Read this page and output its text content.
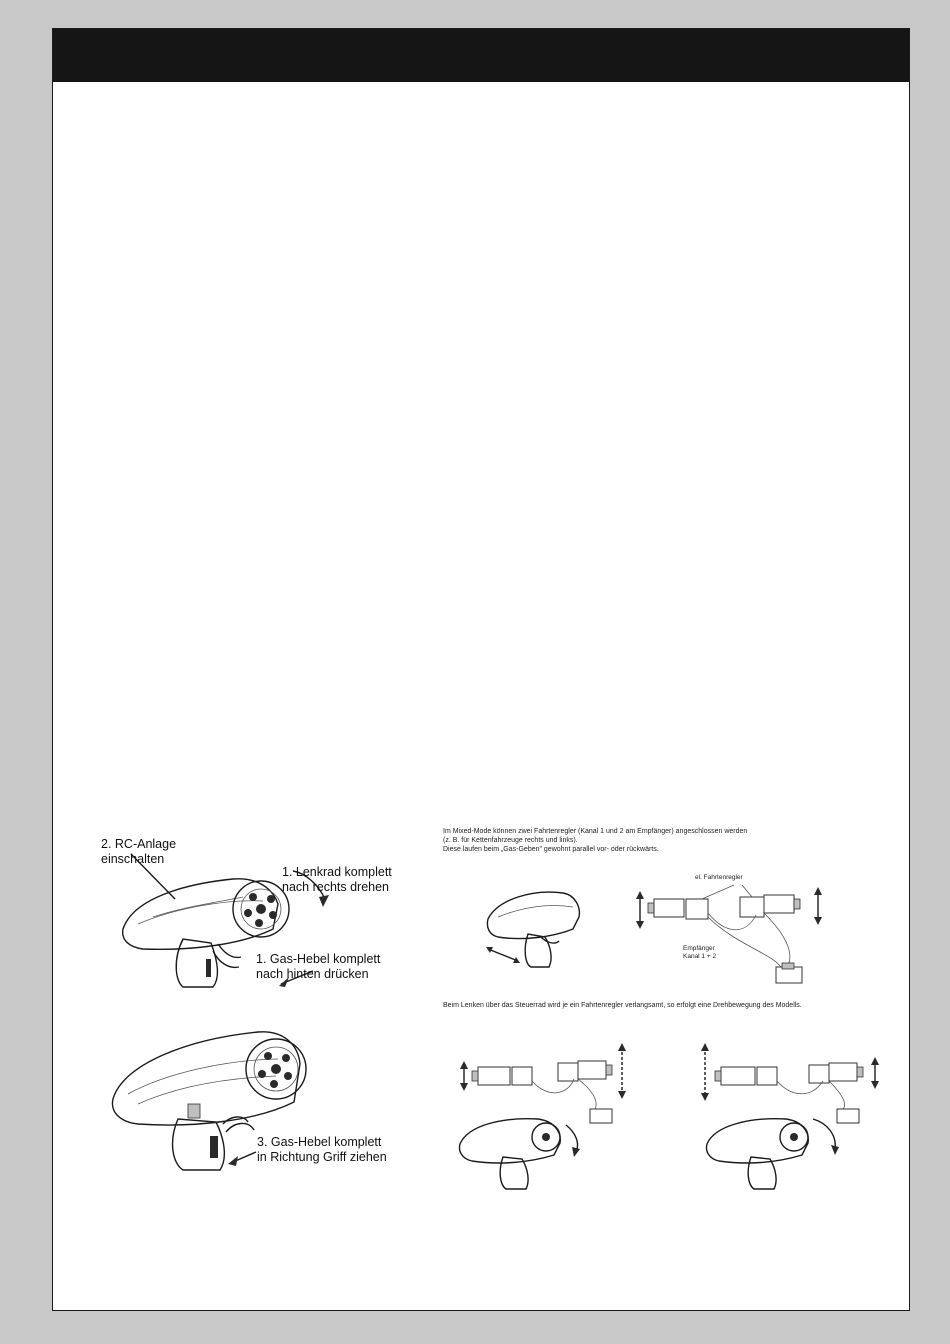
2. RC-Anlage
einschalten
1. Lenkrad komplett
nach rechts drehen
1. Gas-Hebel komplett
nach hinten drücken
3. Gas-Hebel komplett
in Richtung Griff ziehen
Im Mixed-Mode können zwei Fahrtenregler (Kanal 1 und 2 am Empfänger) angeschlossen werden
(z. B. für Kettenfahrzeuge rechts und links).
Diese laufen beim „Gas-Geben" gewohnt parallel vor- oder rückwärts.
el. Fahrtenregler
Empfänger
Kanal 1 + 2
Beim Lenken über das Steuerrad wird je ein Fahrtenregler verlangsamt, so erfolgt eine Drehbewegung des Modells.
